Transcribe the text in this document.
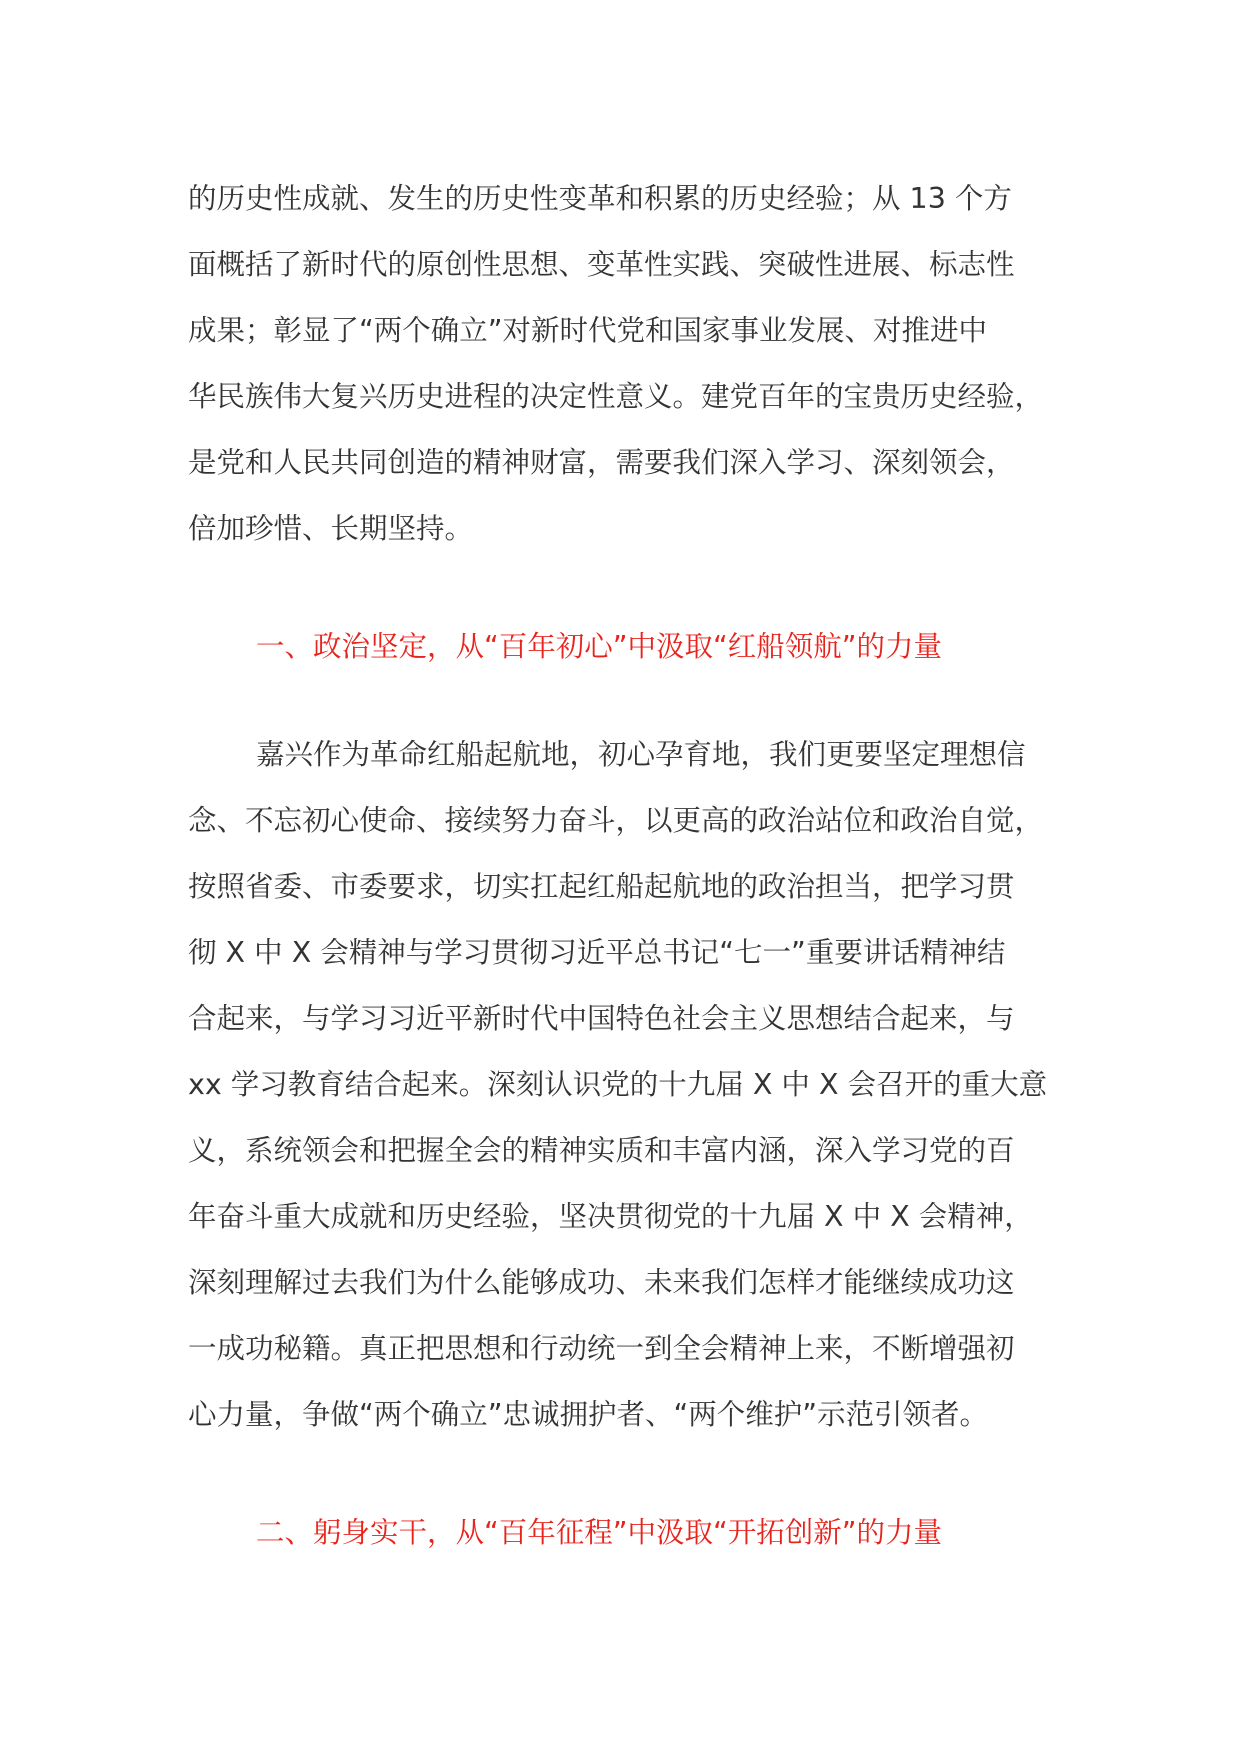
的历史性成就、发生的历史性变革和积累的历史经验；从 13 个方
面概括了新时代的原创性思想、变革性实践、突破性进展、标志性
成果；彰显了“两个确立”对新时代党和国家事业发展、对推进中
华民族伟大复兴历史进程的决定性意义。建党百年的宝贵历史经验，
是党和人民共同创造的精神财富，需要我们深入学习、深刻领会，
倍加珍惜、长期坚持。
一、政治坚定，从“百年初心”中汲取“红船领航”的力量
嘉兴作为革命红船起航地，初心孕育地，我们更要坚定理想信
念、不忘初心使命、接续努力奋斗，以更高的政治站位和政治自觉，
按照省委、市委要求，切实扛起红船起航地的政治担当，把学习贯
彻 X 中 X 会精神与学习贯彻习近平总书记“七一”重要讲话精神结
合起来，与学习习近平新时代中国特色社会主义思想结合起来，与
xx 学习教育结合起来。深刻认识党的十九届 X 中 X 会召开的重大意
义，系统领会和把握全会的精神实质和丰富内涵，深入学习党的百
年奋斗重大成就和历史经验，坚决贯彻党的十九届 X 中 X 会精神，
深刻理解过去我们为什么能够成功、未来我们怎样才能继续成功这
一成功秘籍。真正把思想和行动统一到全会精神上来，不断增强初
心力量，争做“两个确立”忠诚拥护者、“两个维护”示范引领者。
二、躬身实干，从“百年征程”中汲取“开拓创新”的力量
